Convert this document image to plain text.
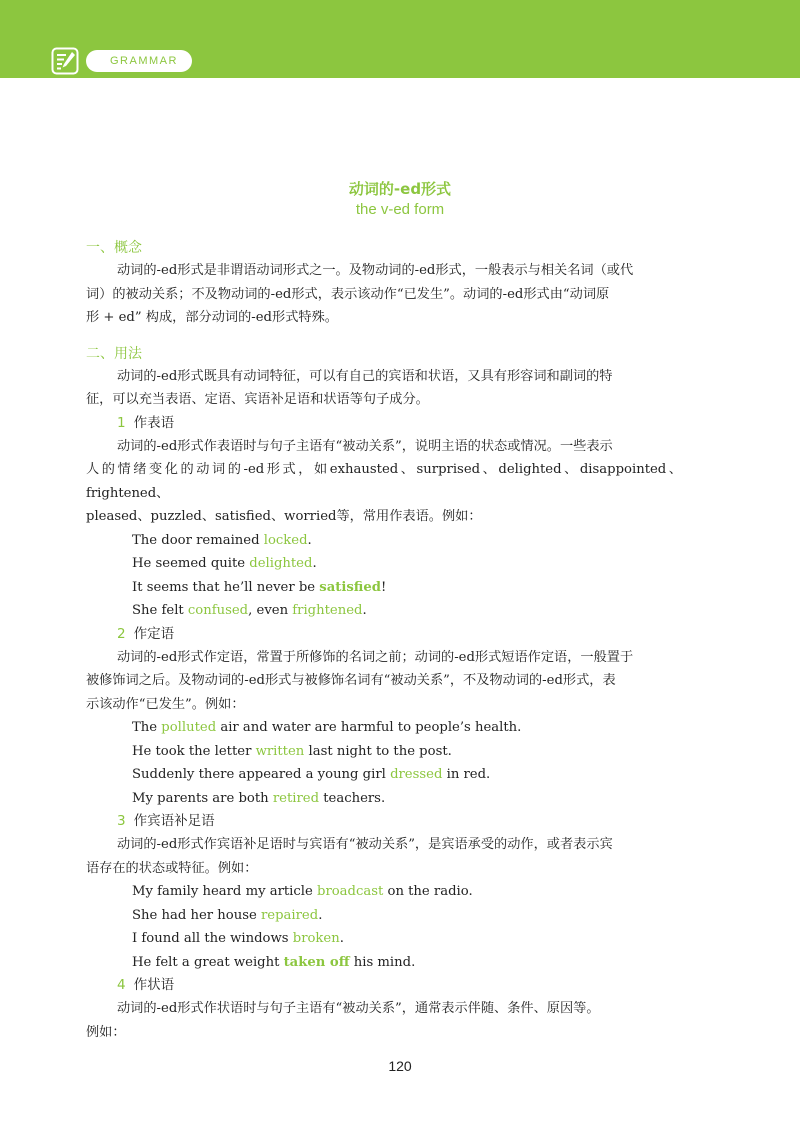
GRAMMAR
动词的-ed形式
the v-ed form
一、概念

动词的-ed形式是非谓语动词形式之一。及物动词的-ed形式，一般表示与相关名词（或代
词）的被动关系；不及物动词的-ed形式，表示该动作“已发生”。动词的-ed形式由“动词原
形 + ed” 构成，部分动词的-ed形式特殊。

二、用法

动词的-ed形式既具有动词特征，可以有自己的宾语和状语，又具有形容词和副词的特
征，可以充当表语、定语、宾语补足语和状语等句子成分。

1 作表语

动词的-ed形式作表语时与句子主语有“被动关系”，说明主语的状态或情况。一些表示
人的情绪变化的动词的-ed形式，如exhausted、surprised、delighted、disappointed、frightened、
pleased、puzzled、satisfied、worried等，常用作表语。例如：

The door remained locked.
He seemed quite delighted.
It seems that he’ll never be satisfied!
She felt confused, even frightened.
2 作定语

动词的-ed形式作定语，常置于所修饰的名词之前；动词的-ed形式短语作定语，一般置于
被修饰词之后。及物动词的-ed形式与被修饰名词有“被动关系”，不及物动词的-ed形式，表
示该动作“已发生”。例如：

The polluted air and water are harmful to people’s health.
He took the letter written last night to the post.
Suddenly there appeared a young girl dressed in red.
My parents are both retired teachers.
3 作宾语补足语

动词的-ed形式作宾语补足语时与宾语有“被动关系”，是宾语承受的动作，或者表示宾
语存在的状态或特征。例如：

My family heard my article broadcast on the radio.
She had her house repaired.
I found all the windows broken.
He felt a great weight taken off his mind.
4 作状语

动词的-ed形式作状语时与句子主语有“被动关系”，通常表示伴随、条件、原因等。
例如：

120
